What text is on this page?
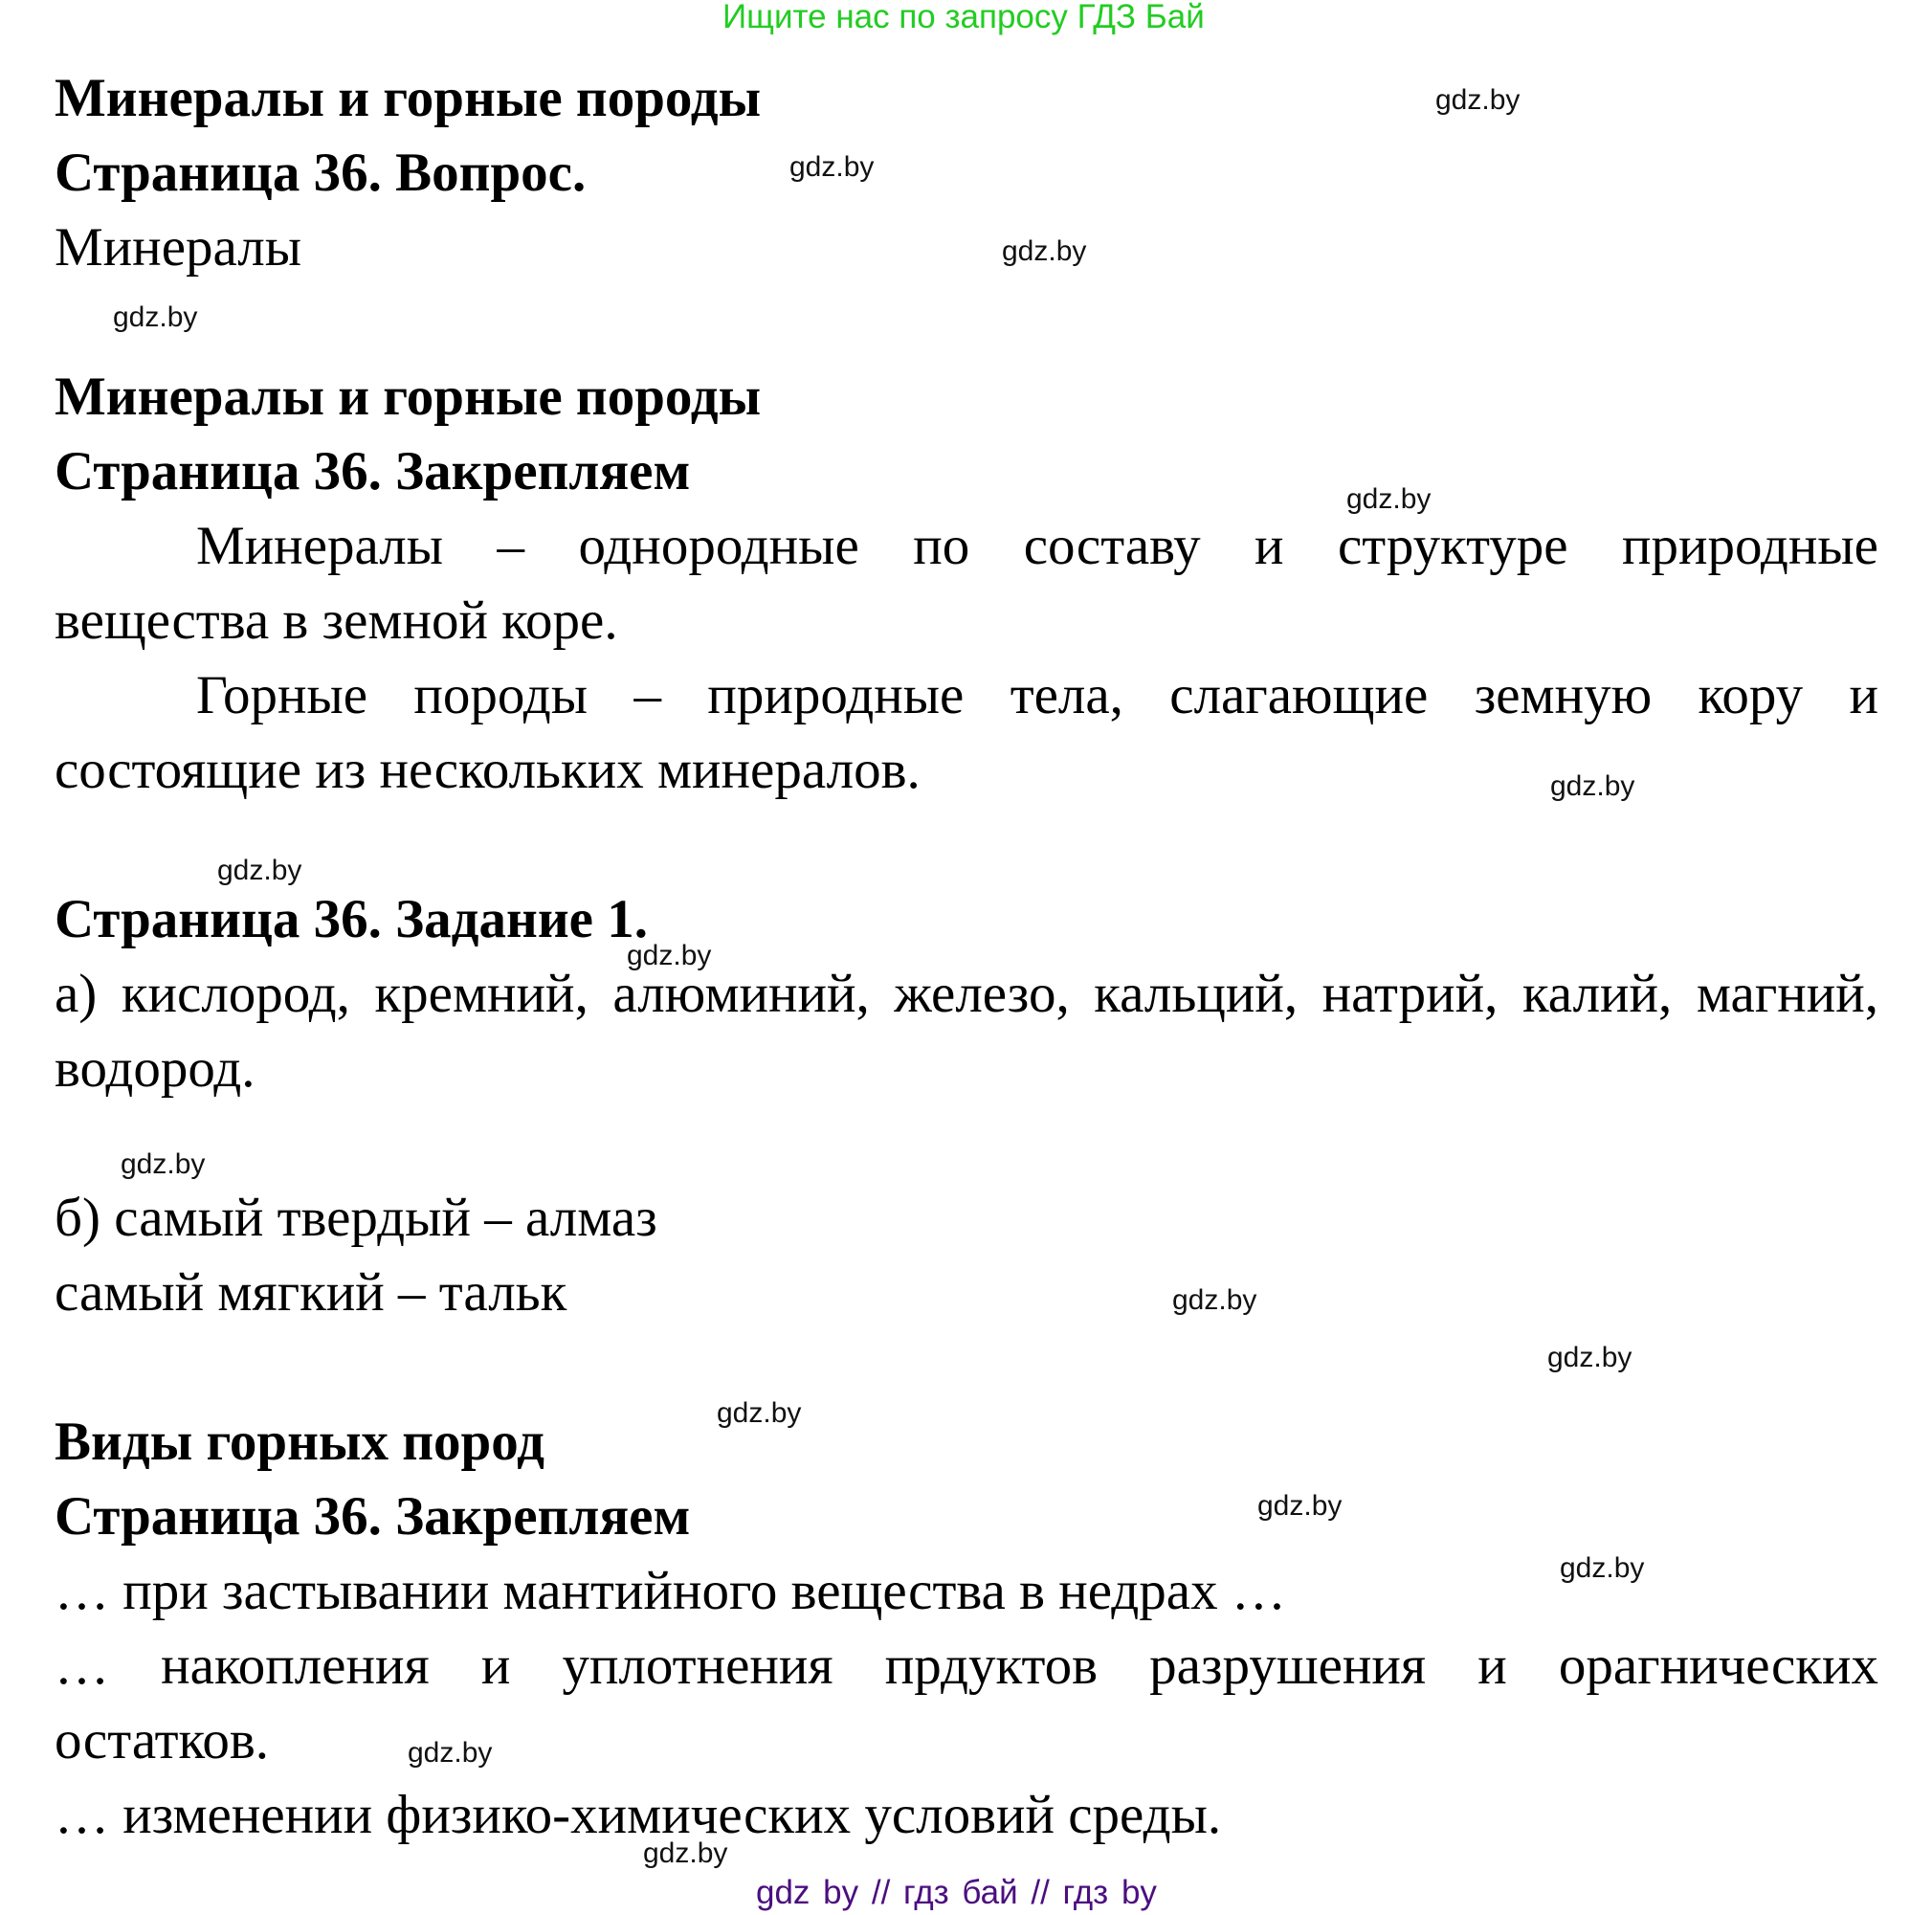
Ищите нас по запросу ГДЗ Бай
Минералы и горные породы
Страница 36. Вопрос.
Минералы
Минералы и горные породы
Страница 36. Закрепляем
Минералы – однородные по составу и структуре природные
вещества в земной коре.
Горные породы – природные тела, слагающие земную кору и
состоящие из нескольких минералов.
Страница 36. Задание 1.
а) кислород, кремний, алюминий, железо, кальций, натрий, калий, магний,
водород.
б) самый твердый – алмаз
самый мягкий – тальк
Виды горных пород
Страница 36. Закрепляем
… при застывании мантийного вещества в недрах …
… накопления и уплотнения прдуктов разрушения и орагнических
остатков.
… изменении физико-химических условий среды.
gdz.by
gdz.by
gdz.by
gdz.by
gdz.by
gdz.by
gdz.by
gdz.by
gdz.by
gdz.by
gdz.by
gdz.by
gdz.by
gdz.by
gdz.by
gdz.by
gdz by // гдз бай // гдз by
